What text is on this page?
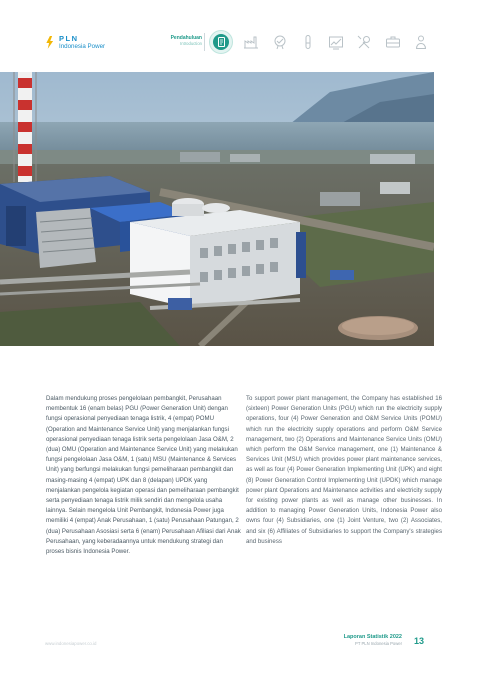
PLN
Indonesia Power
Pendahuluan
Introduction
Dalam mendukung proses pengelolaan pembangkit, Perusahaan membentuk 16 (enam belas) PGU (Power Generation Unit) dengan fungsi operasional penyediaan tenaga listrik, 4 (empat) POMU (Operation and Maintenance Service Unit) yang menjalankan fungsi operasional penyediaan tenaga listrik serta pengelolaan Jasa O&M, 2 (dua) OMU (Operation and Maintenance Service Unit) yang melakukan fungsi pengelolaan Jasa O&M, 1 (satu) MSU (Maintenance & Services Unit) yang berfungsi melakukan fungsi pemeliharaan pembangkit dan masing-masing 4 (empat) UPK dan 8 (delapan) UPDK yang menjalankan pengelola kegiatan operasi dan pemeliharaan pembangkit serta penyediaan tenaga listrik milik sendiri dan mengelola usaha lainnya. Selain mengelola Unit Pembangkit, Indonesia Power juga memiliki 4 (empat) Anak Perusahaan, 1 (satu) Perusahaan Patungan, 2 (dua) Perusahaan Asosiasi serta 6 (enam) Perusahaan Afiliasi dari Anak Perusahaan, yang keberadaannya untuk mendukung strategi dan proses bisnis Indonesia Power.
To support power plant management, the Company has established 16 (sixteen) Power Generation Units (PGU) which run the electricity supply operations, four (4) Power Generation and O&M Service Units (POMU) which run the electricity supply operations and perform O&M Service management, two (2) Operations and Maintenance Service Units (OMU) which perform the O&M Service management, one (1) Maintenance & Services Unit (MSU) which provides power plant maintenance services, as well as four (4) Power Generation Implementing Unit (UPK) and eight (8) Power Generation Control Implementing Unit (UPDK) which manage power plant Operations and Maintenance activities and electricity supply for existing power plants as well as manage other businesses. In addition to managing Power Generation Units, Indonesia Power also owns four (4) Subsidiaries, one (1) Joint Venture, two (2) Associates, and six (6) Affiliates of Subsidiaries to support the Company's strategies and business
www.indonesiapower.co.id
Laporan Statistik 2022
PT PLN Indonesia Power 13
